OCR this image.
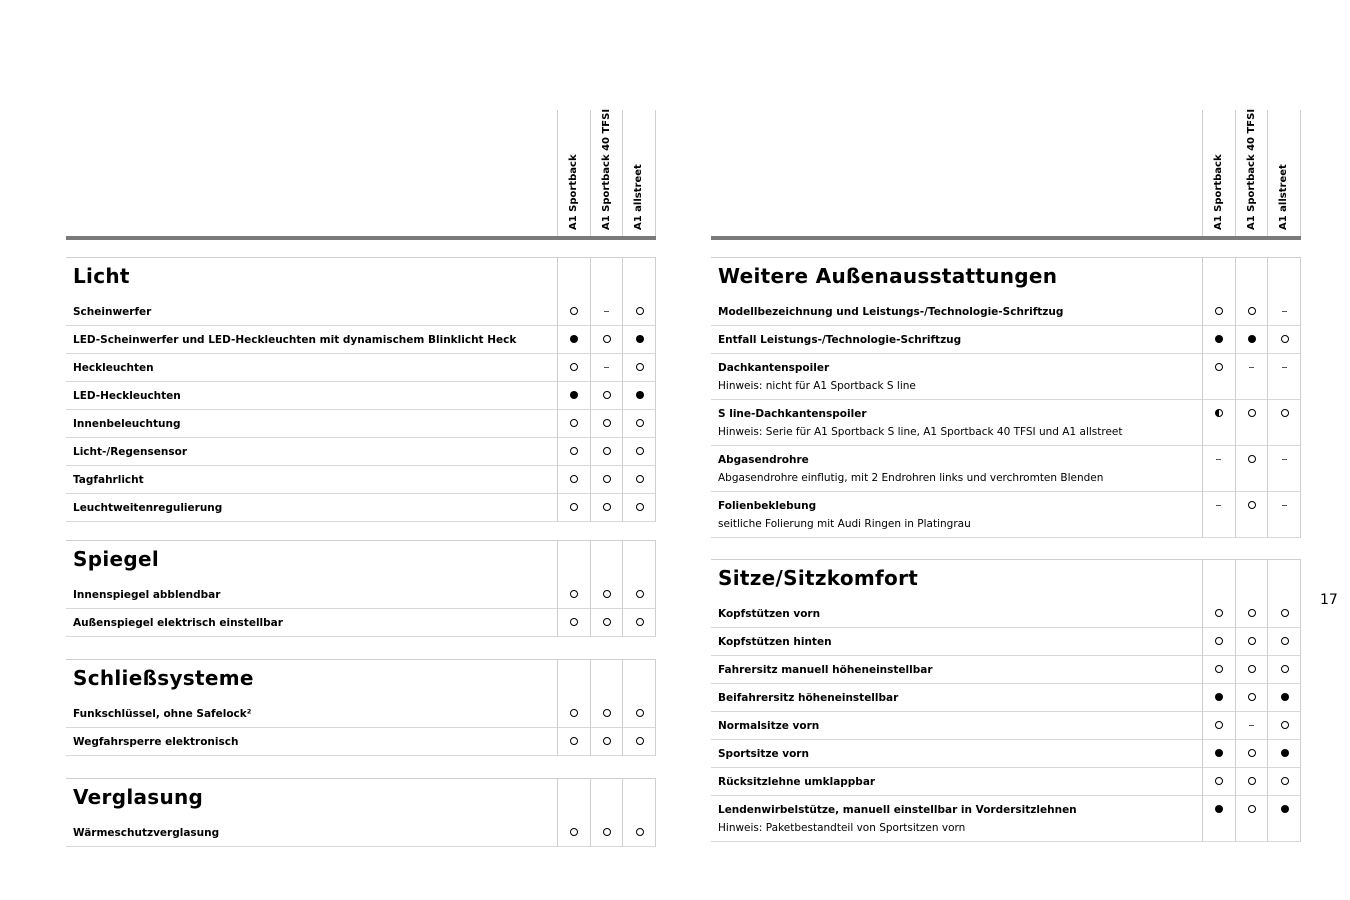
A1 Sportback A1 Sportback 40 TFSI A1 allstreet
Licht
Scheinwerfer
LED-Scheinwerfer und LED-Heckleuchten mit dynamischem Blinklicht Heck
Heckleuchten
LED-Heckleuchten
Innenbeleuchtung
Licht-/Regensensor
Tagfahrlicht
Leuchtweitenregulierung
Spiegel
Innenspiegel abblendbar
Außenspiegel elektrisch einstellbar
Schließsysteme
Funkschlüssel, ohne Safelock²
Wegfahrsperre elektronisch
Verglasung
Wärmeschutzverglasung
A1 Sportback A1 Sportback 40 TFSI A1 allstreet
Weitere Außenausstattungen
Modellbezeichnung und Leistungs-/Technologie-Schriftzug
Entfall Leistungs-/Technologie-Schriftzug
Dachkantenspoiler
Hinweis: nicht für A1 Sportback S line
S line-Dachkantenspoiler
Hinweis: Serie für A1 Sportback S line, A1 Sportback 40 TFSI und A1 allstreet
Abgasendrohre
Abgasendrohre einflutig, mit 2 Endrohren links und verchromten Blenden
Folienbeklebung
seitliche Folierung mit Audi Ringen in Platingrau
Sitze/Sitzkomfort
Kopfstützen vorn
Kopfstützen hinten
Fahrersitz manuell höheneinstellbar
Beifahrersitz höheneinstellbar
Normalsitze vorn
Sportsitze vorn
Rücksitzlehne umklappbar
Lendenwirbelstütze, manuell einstellbar in Vordersitzlehnen
Hinweis: Paketbestandteil von Sportsitzen vorn
17
